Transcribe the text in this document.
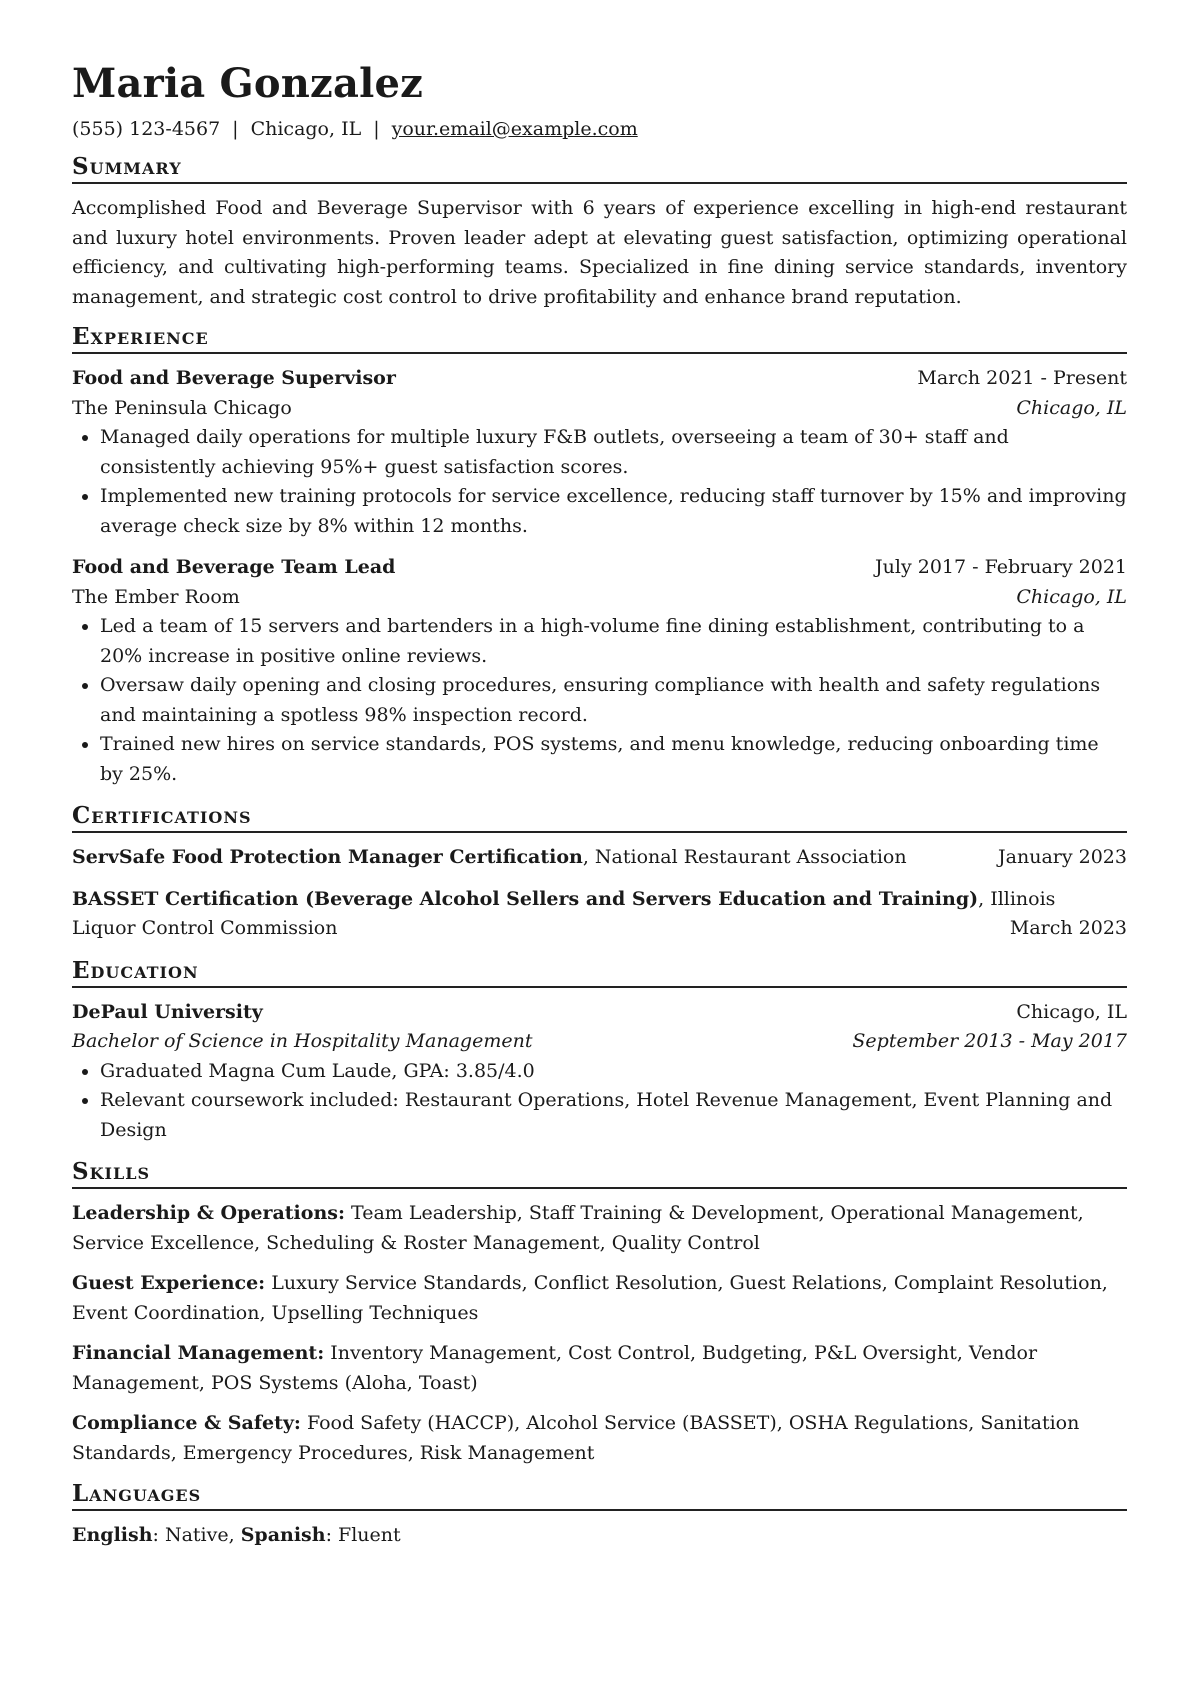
Maria Gonzalez
(555) 123-4567 | Chicago, IL | your.email@example.com
Summary

Accomplished Food and Beverage Supervisor with 6 years of experience excelling in high-end restaurant and luxury hotel environments. Proven leader adept at elevating guest satisfaction, optimizing operational efficiency, and cultivating high-performing teams. Specialized in fine dining service standards, inventory management, and strategic cost control to drive profitability and enhance brand reputation.

Experience
Food and Beverage Supervisor	March 2021 - Present
The Peninsula Chicago	Chicago, IL
• Managed daily operations for multiple luxury F&B outlets, overseeing a team of 30+ staff and consistently achieving 95%+ guest satisfaction scores.
• Implemented new training protocols for service excellence, reducing staff turnover by 15% and improving average check size by 8% within 12 months.
Food and Beverage Team Lead	July 2017 - February 2021
The Ember Room	Chicago, IL
• Led a team of 15 servers and bartenders in a high-volume fine dining establishment, contributing to a 20% increase in positive online reviews.
• Oversaw daily opening and closing procedures, ensuring compliance with health and safety regulations and maintaining a spotless 98% inspection record.
• Trained new hires on service standards, POS systems, and menu knowledge, reducing onboarding time by 25%.
Certifications
ServSafe Food Protection Manager Certification, National Restaurant Association	January 2023
BASSET Certification (Beverage Alcohol Sellers and Servers Education and Training), Illinois
Liquor Control Commission	March 2023
Education
DePaul University	Chicago, IL
Bachelor of Science in Hospitality Management	September 2013 - May 2017
• Graduated Magna Cum Laude, GPA: 3.85/4.0
• Relevant coursework included: Restaurant Operations, Hotel Revenue Management, Event Planning and Design
Skills
Leadership & Operations: Team Leadership, Staff Training & Development, Operational Management, Service Excellence, Scheduling & Roster Management, Quality Control
Guest Experience: Luxury Service Standards, Conflict Resolution, Guest Relations, Complaint Resolution, Event Coordination, Upselling Techniques
Financial Management: Inventory Management, Cost Control, Budgeting, P&L Oversight, Vendor Management, POS Systems (Aloha, Toast)
Compliance & Safety: Food Safety (HACCP), Alcohol Service (BASSET), OSHA Regulations, Sanitation Standards, Emergency Procedures, Risk Management
Languages
English: Native, Spanish: Fluent
